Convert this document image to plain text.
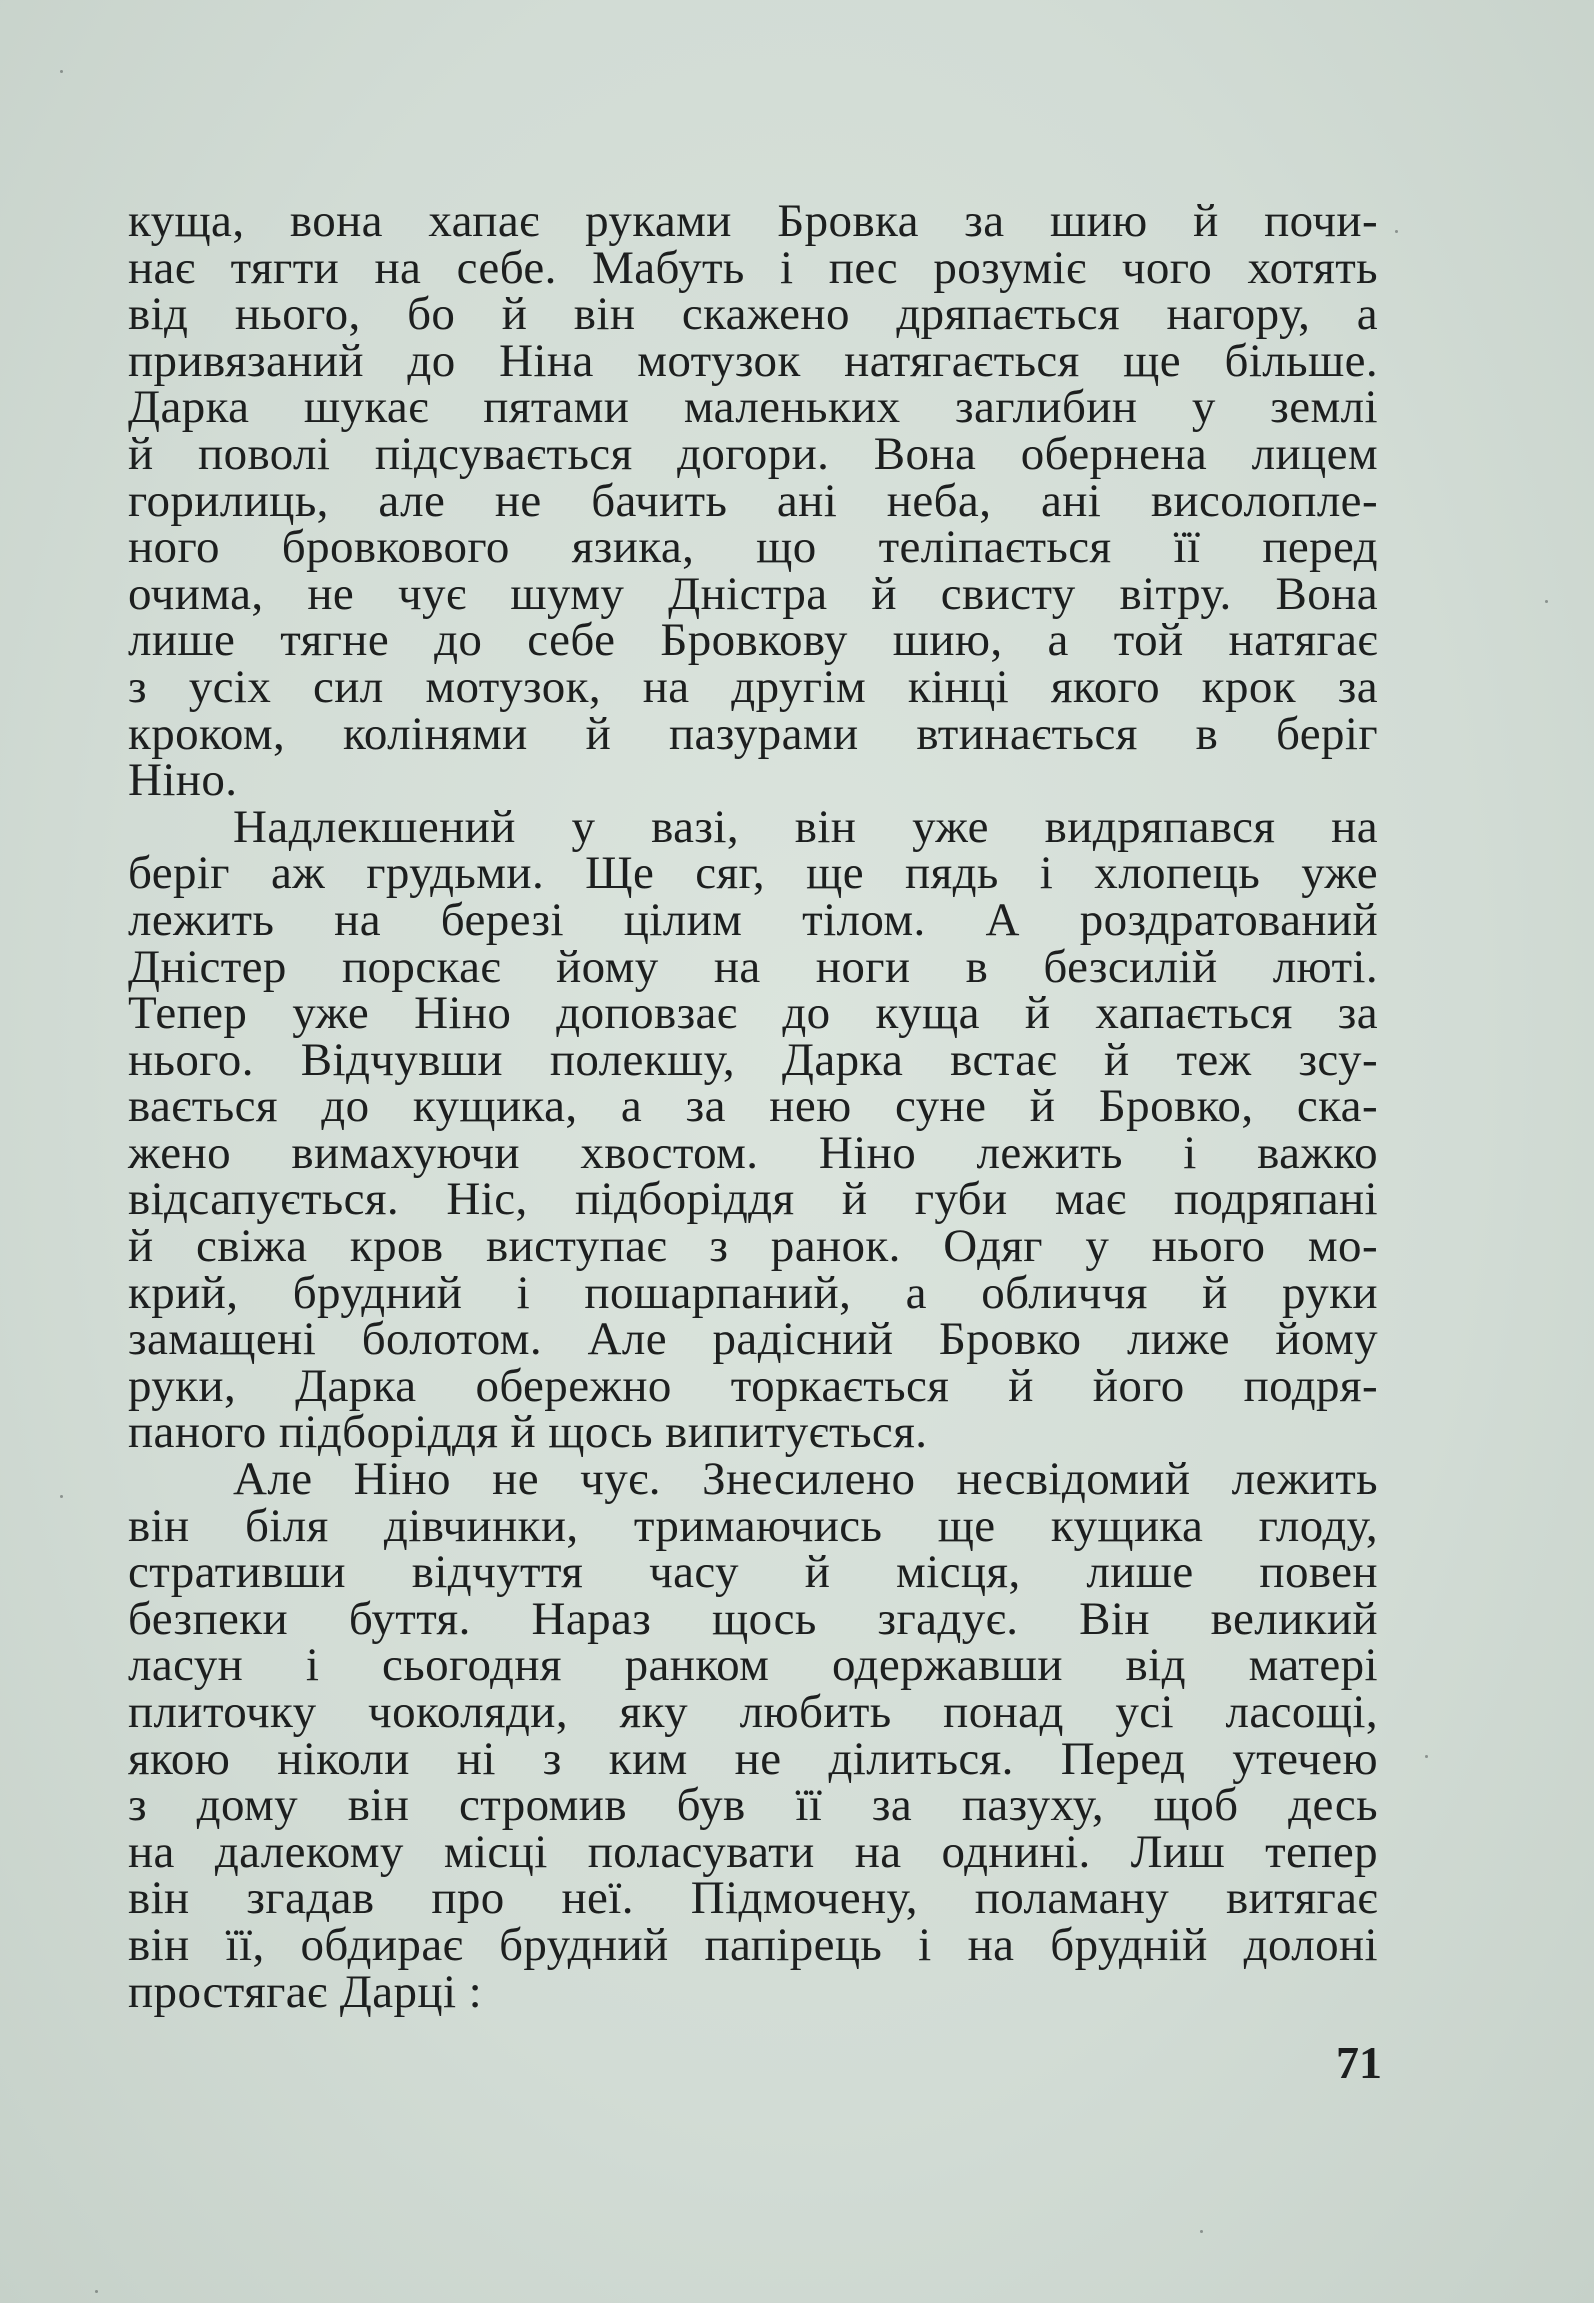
куща, вона хапає руками Бровка за шию й почи-
нає тягти на себе. Мабуть і пес розуміє чого хотять
від нього, бо й він скажено дряпається нагору, а
привязаний до Ніна мотузок натягається ще більше.
Дарка шукає пятами маленьких заглибин у землі
й поволі підсувається догори. Вона обернена лицем
горилиць, але не бачить ані неба, ані висолопле-
ного бровкового язика, що теліпається її перед
очима, не чує шуму Дністра й свисту вітру. Вона
лише тягне до себе Бровкову шию, а той натягає
з усіх сил мотузок, на другім кінці якого крок за
кроком, колінями й пазурами втинається в беріг
Ніно.
Надлекшений у вазі, він уже видряпався на
беріг аж грудьми. Ще сяг, ще пядь і хлопець уже
лежить на березі цілим тілом. А роздратований
Дністер порскає йому на ноги в безсилій люті.
Тепер уже Ніно доповзає до куща й хапається за
нього. Відчувши полекшу, Дарка встає й теж зсу-
вається до кущика, а за нею суне й Бровко, ска-
жено вимахуючи хвостом. Ніно лежить і важко
відсапується. Ніс, підборіддя й губи має подряпані
й свіжа кров виступає з ранок. Одяг у нього мо-
крий, брудний і пошарпаний, а обличчя й руки
замащені болотом. Але радісний Бровко лиже йому
руки, Дарка обережно торкається й його подря-
паного підборіддя й щось випитується.
Але Ніно не чує. Знесилено несвідомий лежить
він біля дівчинки, тримаючись ще кущика глоду,
стративши відчуття часу й місця, лише повен
безпеки буття. Нараз щось згадує. Він великий
ласун і сьогодня ранком одержавши від матері
плиточку чоколяди, яку любить понад усі ласощі,
якою ніколи ні з ким не ділиться. Перед утечею
з дому він стромив був її за пазуху, щоб десь
на далекому місці поласувати на однині. Лиш тепер
він згадав про неї. Підмочену, поламану витягає
він її, обдирає брудний папірець і на брудній долоні
простягає Дарці :
71
